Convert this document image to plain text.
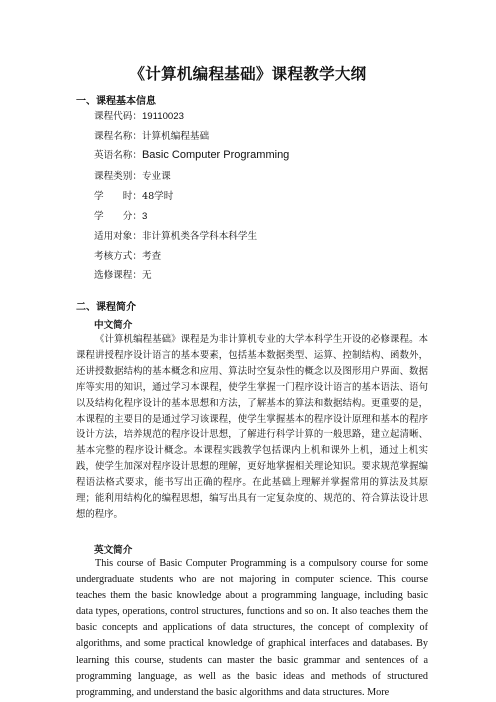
《计算机编程基础》课程教学大纲
一、课程基本信息
课程代码：19110023
课程名称：计算机编程基础
英语名称：Basic Computer Programming
课程类别：专业课
学　　时：48学时
学　　分：3
适用对象：非计算机类各学科本科学生
考核方式：考查
选修课程：无
二、课程简介
中文简介

《计算机编程基础》课程是为非计算机专业的大学本科学生开设的必修课程。本课程讲授程序设计语言的基本要素，包括基本数据类型、运算、控制结构、函数外，还讲授数据结构的基本概念和应用、算法时空复杂性的概念以及图形用户界面、数据库等实用的知识，通过学习本课程，使学生掌握一门程序设计语言的基本语法、语句以及结构化程序设计的基本思想和方法，了解基本的算法和数据结构。更重要的是，本课程的主要目的是通过学习该课程，使学生掌握基本的程序设计原理和基本的程序设计方法，培养规范的程序设计思想，了解进行科学计算的一般思路，建立起清晰、基本完整的程序设计概念。本课程实践教学包括课内上机和课外上机，通过上机实践，使学生加深对程序设计思想的理解，更好地掌握相关理论知识。要求规范掌握编程语法格式要求，能书写出正确的程序。在此基础上理解并掌握常用的算法及其原理；能利用结构化的编程思想，编写出具有一定复杂度的、规范的、符合算法设计思想的程序。

英文简介

This course of Basic Computer Programming is a compulsory course for some undergraduate students who are not majoring in computer science. This course teaches them the basic knowledge about a programming language, including basic data types, operations, control structures, functions and so on. It also teaches them the basic concepts and applications of data structures, the concept of complexity of algorithms, and some practical knowledge of graphical interfaces and databases. By learning this course, students can master the basic grammar and sentences of a programming language, as well as the basic ideas and methods of structured programming, and understand the basic algorithms and data structures. More
